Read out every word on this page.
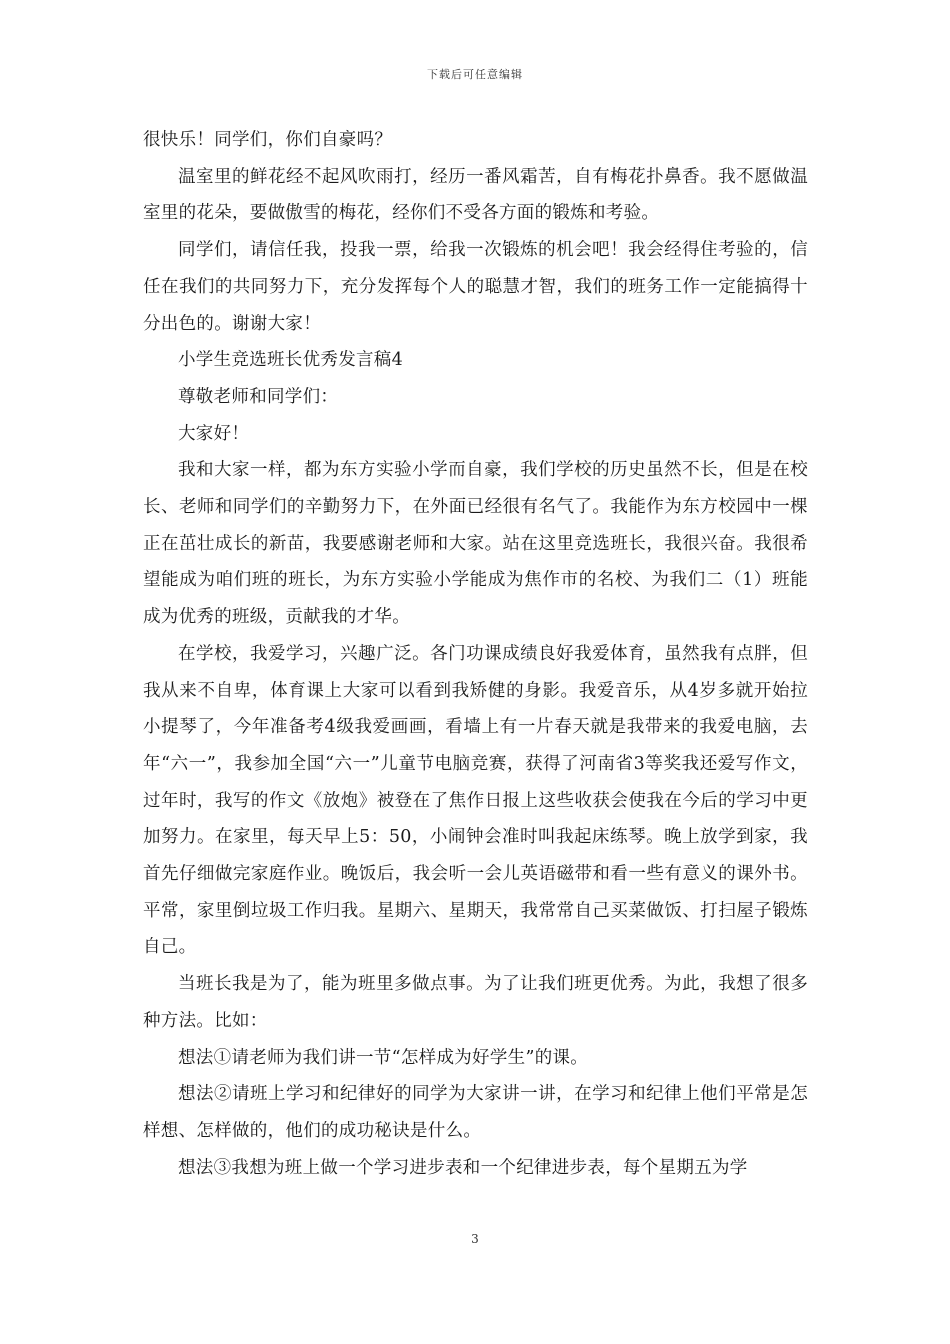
下载后可任意编辑

很快乐！同学们，你们自豪吗？

温室里的鲜花经不起风吹雨打，经历一番风霜苦，自有梅花扑鼻香。我不愿做温室里的花朵，要做傲雪的梅花，经你们不受各方面的锻炼和考验。

同学们，请信任我，投我一票，给我一次锻炼的机会吧！我会经得住考验的，信任在我们的共同努力下，充分发挥每个人的聪慧才智，我们的班务工作一定能搞得十分出色的。谢谢大家！

小学生竞选班长优秀发言稿4

尊敬老师和同学们：

大家好！

我和大家一样，都为东方实验小学而自豪，我们学校的历史虽然不长，但是在校长、老师和同学们的辛勤努力下，在外面已经很有名气了。我能作为东方校园中一棵正在茁壮成长的新苗，我要感谢老师和大家。站在这里竞选班长，我很兴奋。我很希望能成为咱们班的班长，为东方实验小学能成为焦作市的名校、为我们二（1）班能成为优秀的班级，贡献我的才华。

在学校，我爱学习，兴趣广泛。各门功课成绩良好我爱体育，虽然我有点胖，但我从来不自卑，体育课上大家可以看到我矫健的身影。我爱音乐，从4岁多就开始拉小提琴了，今年准备考4级我爱画画，看墙上有一片春天就是我带来的我爱电脑，去年“六一”，我参加全国“六一”儿童节电脑竞赛，获得了河南省3等奖我还爱写作文，过年时，我写的作文《放炮》被登在了焦作日报上这些收获会使我在今后的学习中更加努力。在家里，每天早上5：50，小闹钟会准时叫我起床练琴。晚上放学到家，我首先仔细做完家庭作业。晚饭后，我会听一会儿英语磁带和看一些有意义的课外书。平常，家里倒垃圾工作归我。星期六、星期天，我常常自己买菜做饭、打扫屋子锻炼自己。

当班长我是为了，能为班里多做点事。为了让我们班更优秀。为此，我想了很多种方法。比如：

想法①请老师为我们讲一节“怎样成为好学生”的课。

想法②请班上学习和纪律好的同学为大家讲一讲，在学习和纪律上他们平常是怎样想、怎样做的，他们的成功秘诀是什么。

想法③我想为班上做一个学习进步表和一个纪律进步表，每个星期五为学

3
